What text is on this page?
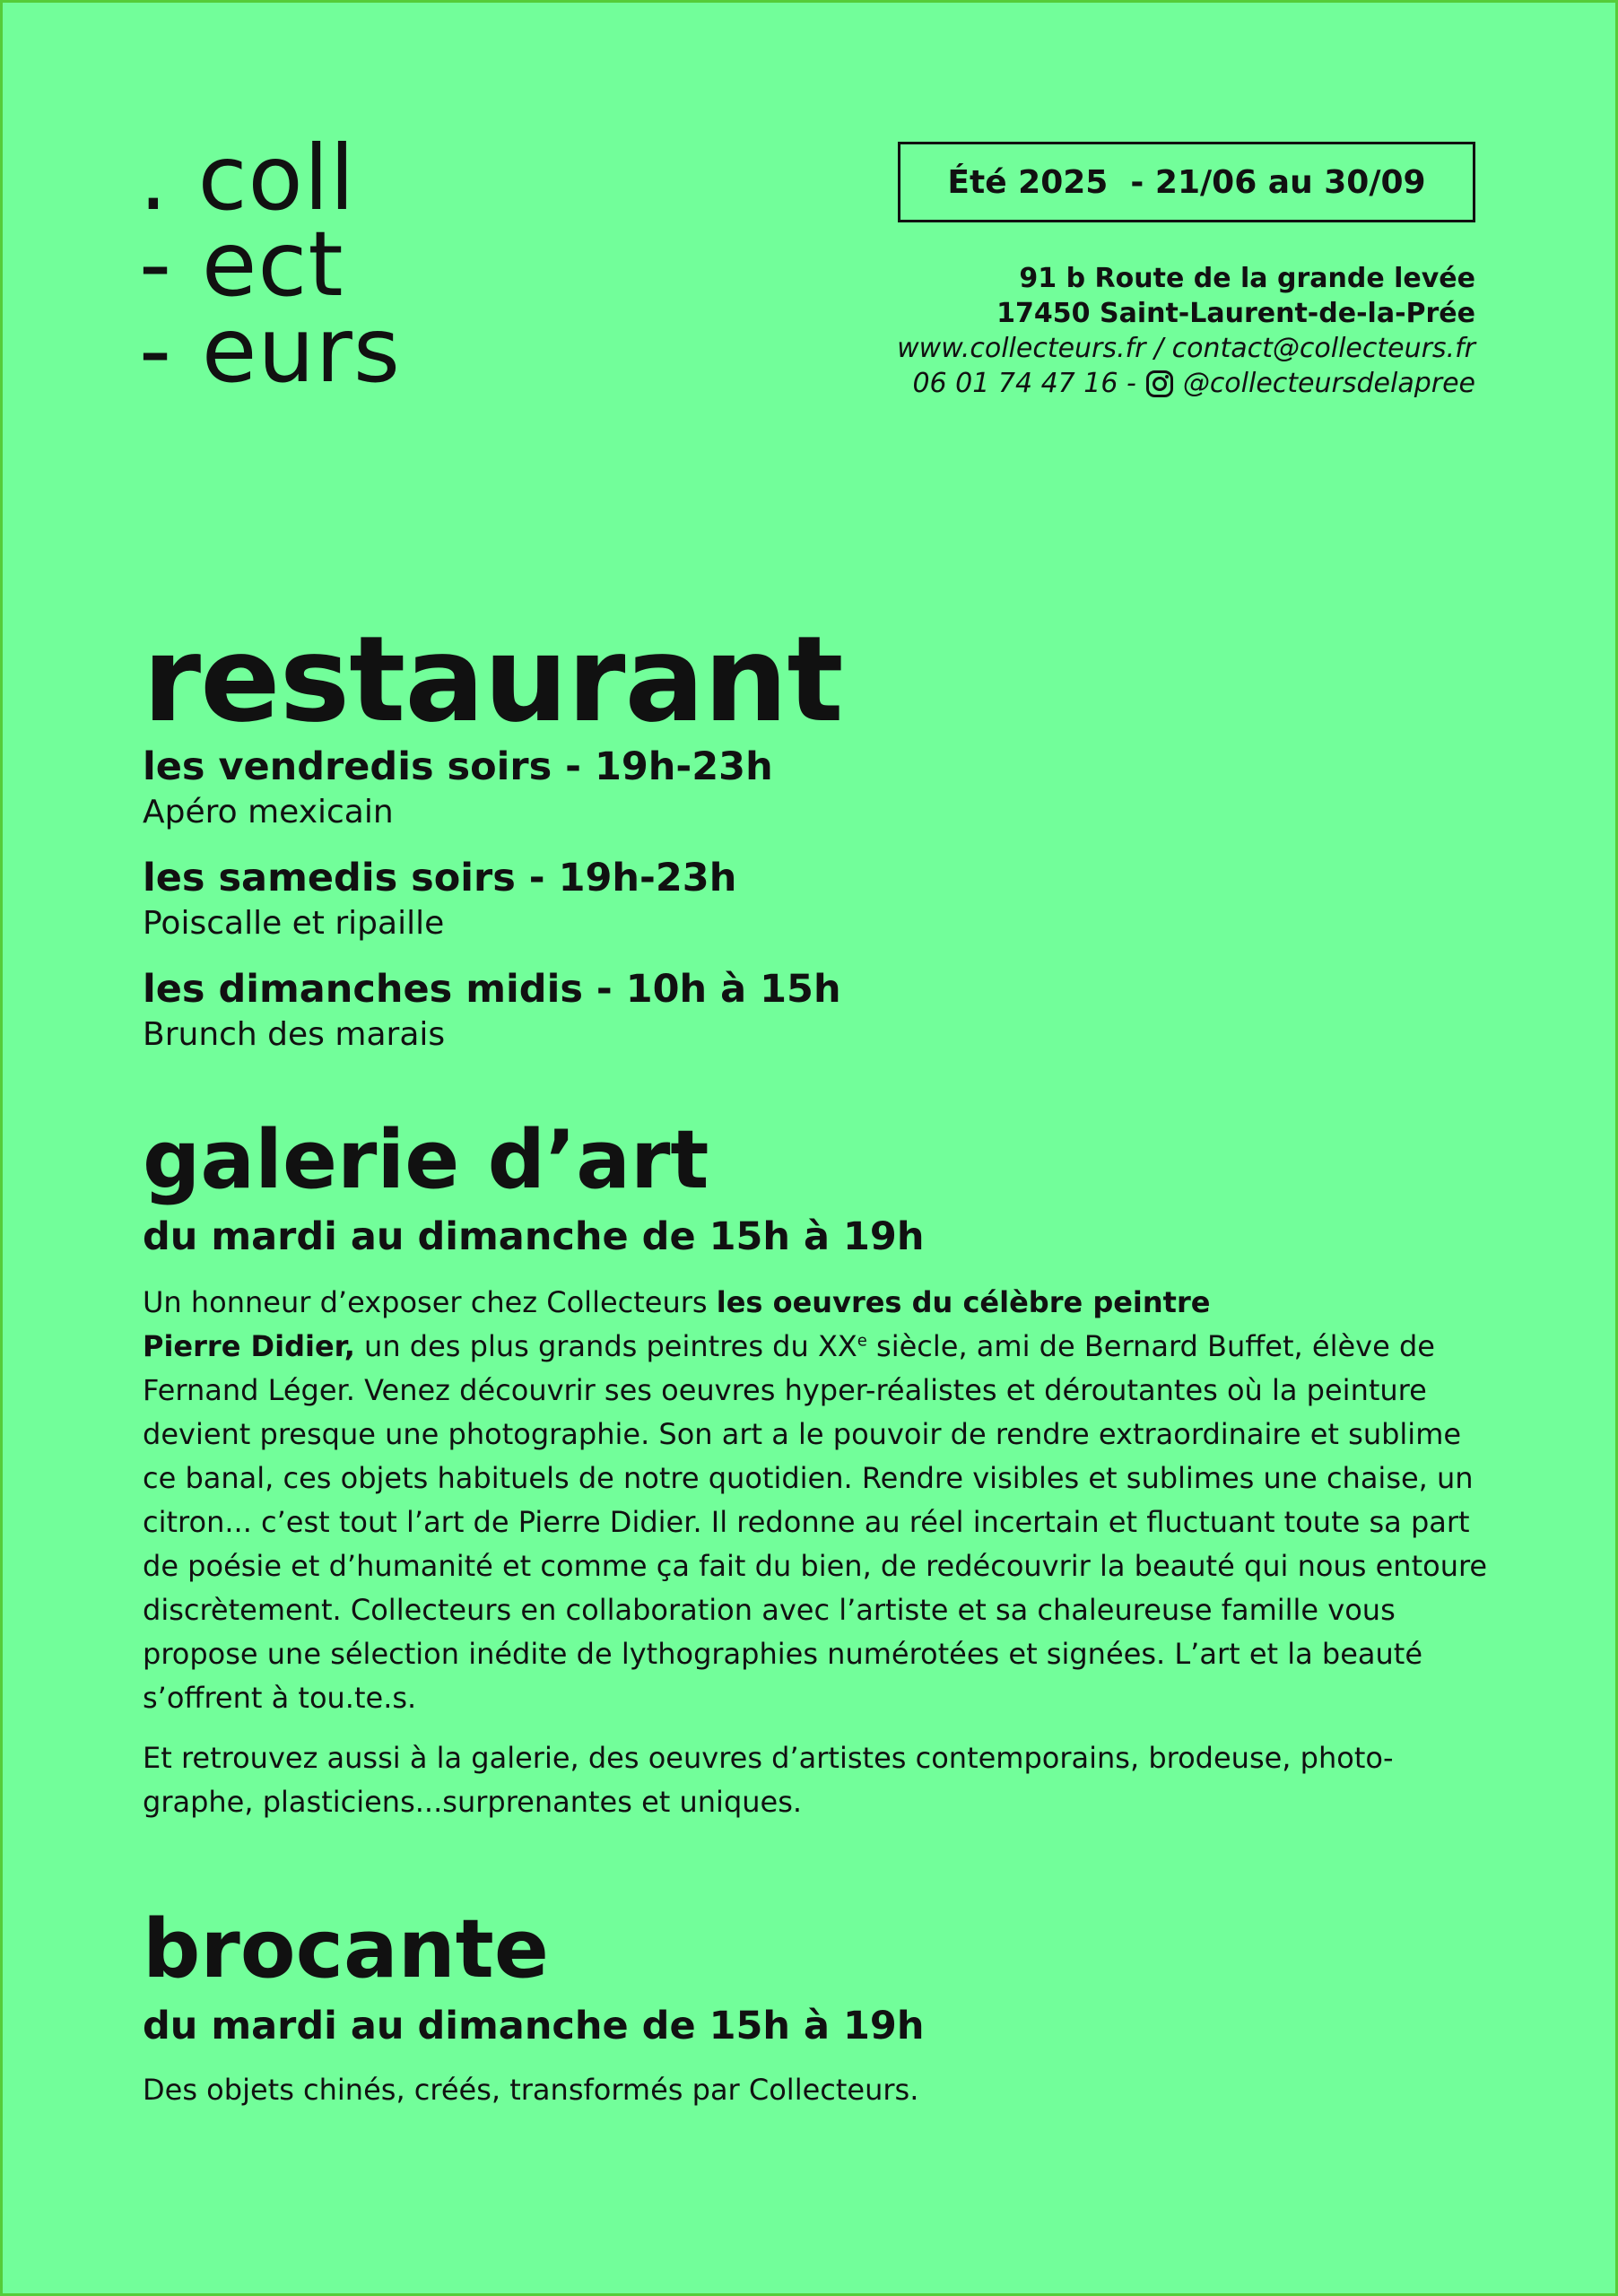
. coll
- ect
- eurs
Été 2025  - 21/06 au 30/09
91 b Route de la grande levée
17450 Saint-Laurent-de-la-Prée
www.collecteurs.fr / contact@collecteurs.fr
06 01 74 47 16 - @collecteursdelapree
restaurant

les vendredis soirs - 19h-23h

Apéro mexicain

les samedis soirs - 19h-23h

Poiscalle et ripaille

les dimanches midis - 10h à 15h

Brunch des marais

galerie d’art

du mardi au dimanche de 15h à 19h

Un honneur d’exposer chez Collecteurs les oeuvres du célèbre peintre
Pierre Didier, un des plus grands peintres du XXe siècle, ami de Bernard Buffet, élève de Fernand Léger. Venez découvrir ses oeuvres hyper-réalistes et déroutantes où la peinture devient presque une photographie. Son art a le pouvoir de rendre extraordinaire et sublime ce banal, ces objets habituels de notre quotidien. Rendre visibles et sublimes une chaise, un citron... c’est tout l’art de Pierre Didier. Il redonne au réel incertain et fluctuant toute sa part de poésie et d’humanité et comme ça fait du bien, de redécouvrir la beauté qui nous entoure discrètement. Collecteurs en collaboration avec l’artiste et sa chaleureuse famille vous propose une sélection inédite de lythographies numérotées et signées. L’art et la beauté s’offrent à tou.te.s.

Et retrouvez aussi à la galerie, des oeuvres d’artistes contemporains, brodeuse, photographe, plasticiens...surprenantes et uniques.

brocante

du mardi au dimanche de 15h à 19h

Des objets chinés, créés, transformés par Collecteurs.
